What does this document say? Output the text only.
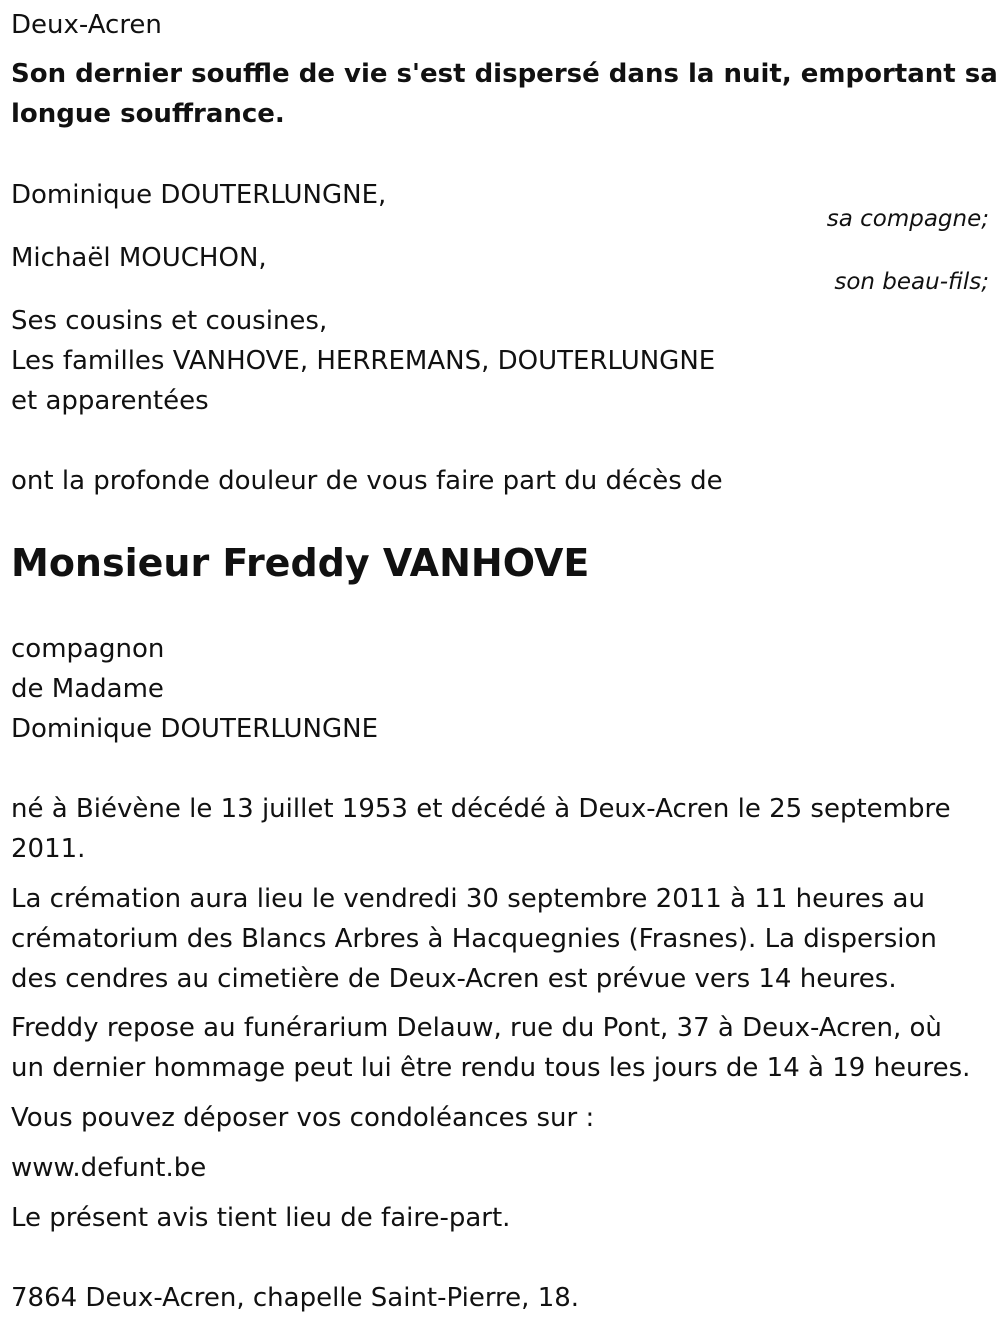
Deux-Acren
Son dernier souffle de vie s'est dispersé dans la nuit, emportant sa
longue souffrance.
Dominique DOUTERLUNGNE,
sa compagne;
Michaël MOUCHON,
son beau-fils;
Ses cousins et cousines,
Les familles VANHOVE, HERREMANS, DOUTERLUNGNE
et apparentées
ont la profonde douleur de vous faire part du décès de
Monsieur Freddy VANHOVE
compagnon
de Madame
Dominique DOUTERLUNGNE
né à Biévène le 13 juillet 1953 et décédé à Deux-Acren le 25 septembre
2011.
La crémation aura lieu le vendredi 30 septembre 2011 à 11 heures au
crématorium des Blancs Arbres à Hacquegnies (Frasnes). La dispersion
des cendres au cimetière de Deux-Acren est prévue vers 14 heures.
Freddy repose au funérarium Delauw, rue du Pont, 37 à Deux-Acren, où
un dernier hommage peut lui être rendu tous les jours de 14 à 19 heures.
Vous pouvez déposer vos condoléances sur :
www.defunt.be
Le présent avis tient lieu de faire-part.
7864 Deux-Acren, chapelle Saint-Pierre, 18.
